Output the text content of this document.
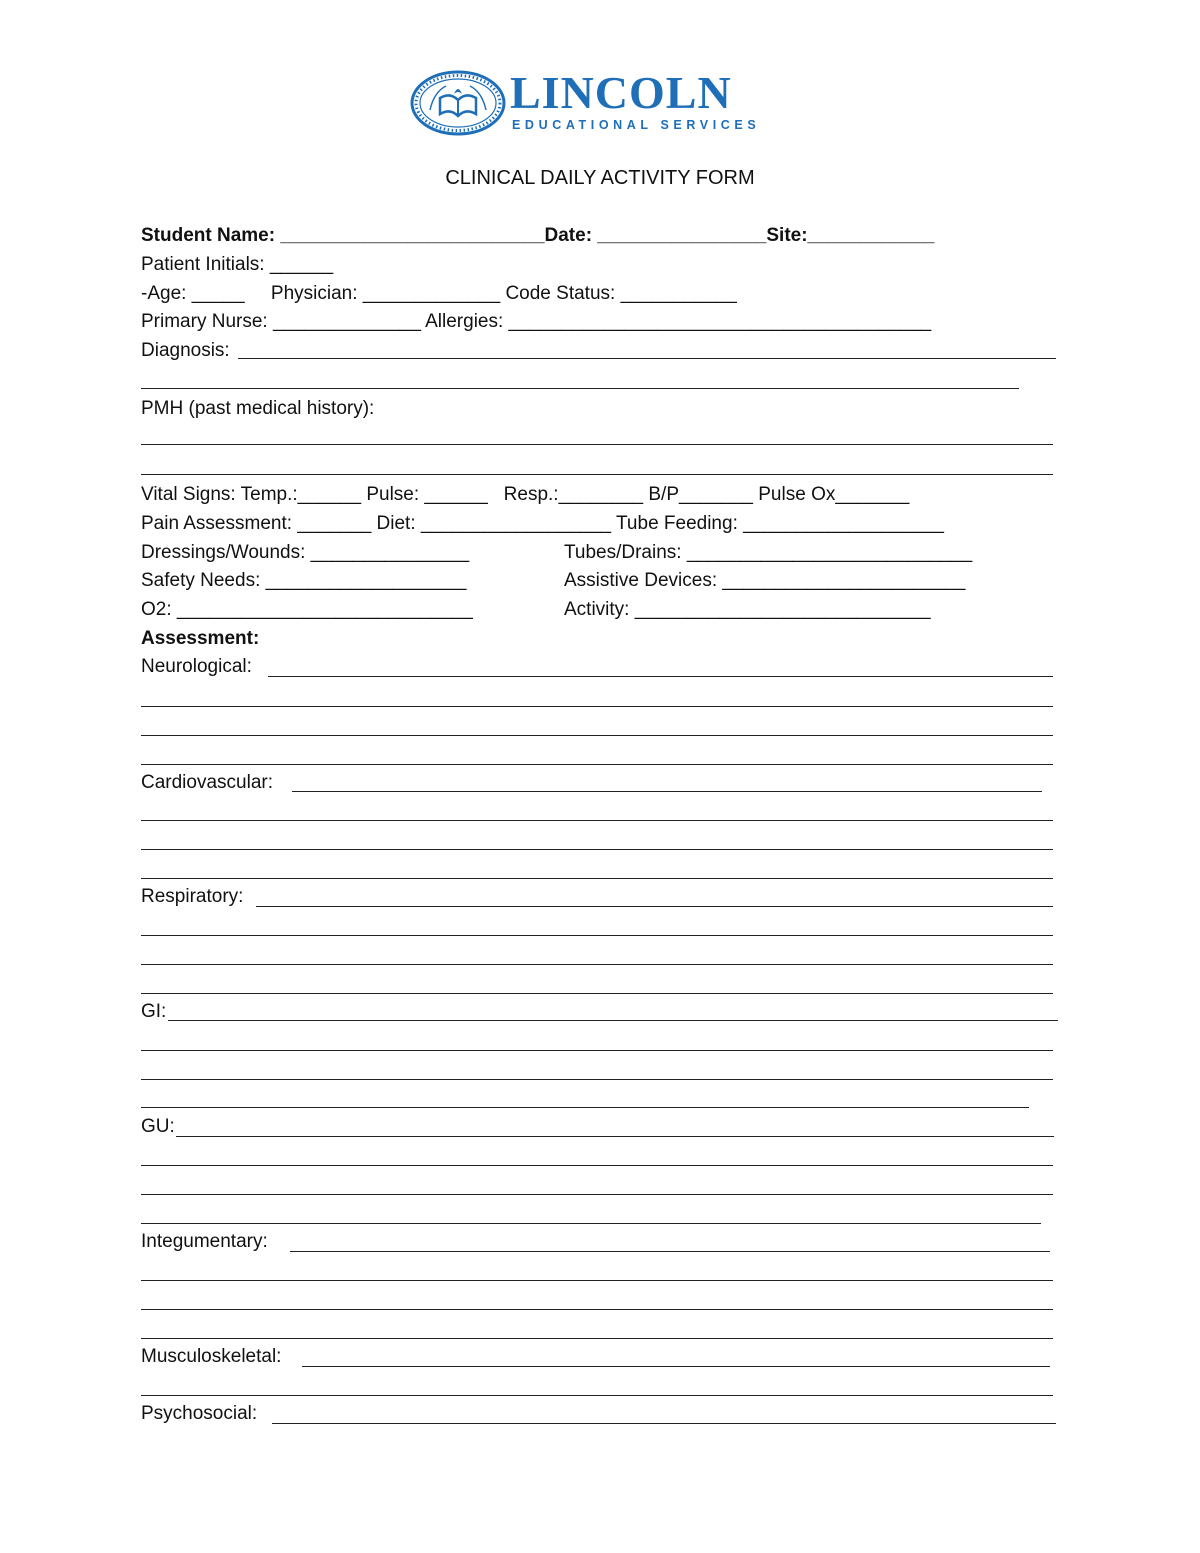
LINCOLN
EDUCATIONAL SERVICES
CLINICAL DAILY ACTIVITY FORM
Student Name: _________________________Date: ________________Site:____________
Patient Initials: ______
-Age: _____     Physician: _____________ Code Status: ___________
Primary Nurse: ______________ Allergies: ________________________________________
Diagnosis:
PMH (past medical history):
Vital Signs: Temp.:______ Pulse: ______   Resp.:________ B/P_______ Pulse Ox_______
Pain Assessment: _______ Diet: __________________ Tube Feeding: ___________________
Dressings/Wounds: _______________	Tubes/Drains: ___________________________
Safety Needs: ___________________	Assistive Devices: _______________________
O2: ____________________________	Activity: ____________________________
Assessment:
Neurological:
Cardiovascular:
Respiratory:
GI:
GU:
Integumentary:
Musculoskeletal:
Psychosocial:
